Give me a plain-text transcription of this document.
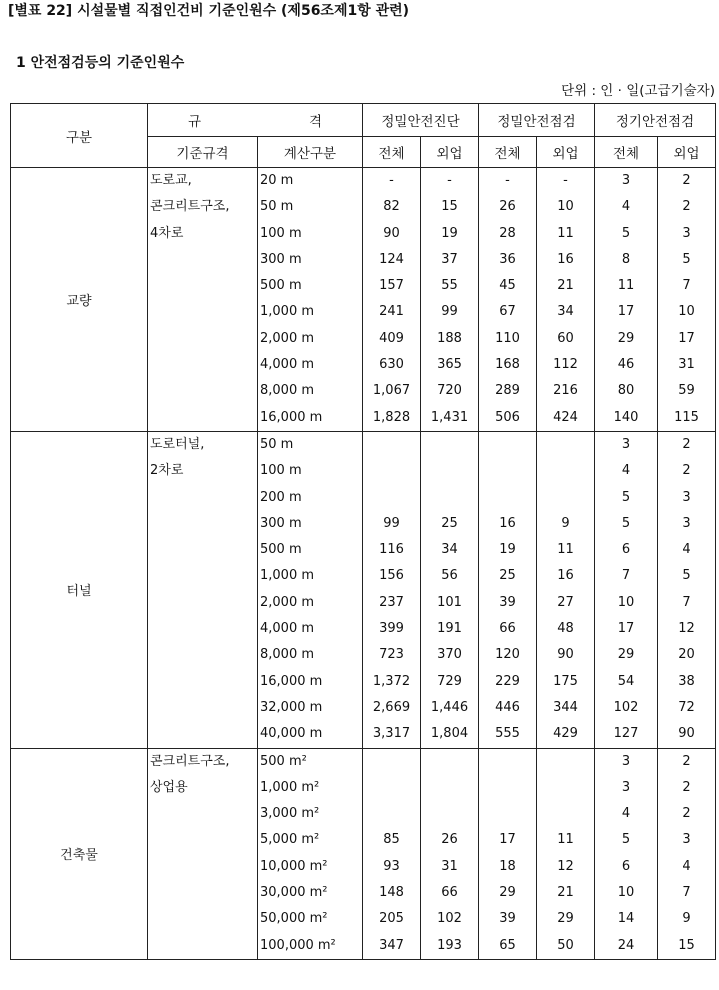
[별표 22] 시설물별 직접인건비 기준인원수 (제56조제1항 관련)
1 안전점검등의 기준인원수
단위 : 인 · 일(고급기술자)
구분	규 격		정밀안전진단		정밀안전점검		정기안전점검	
	기준규격	계산구분	전체	외업	전체	외업	전체	외업
교량	도로교,	20 m	-	-	-	-	3	2

	콘크리트구조,	50 m	82	15	26	10	4	2

	4차로	100 m	90	19	28	11	5	3

		300 m	124	37	36	16	8	5

		500 m	157	55	45	21	11	7

		1,000 m	241	99	67	34	17	10

		2,000 m	409	188	110	60	29	17

		4,000 m	630	365	168	112	46	31

		8,000 m	1,067	720	289	216	80	59

		16,000 m	1,828	1,431	506	424	140	115

터널	도로터널,	50 m					3	2

	2차로	100 m					4	2

		200 m					5	3

		300 m	99	25	16	9	5	3

		500 m	116	34	19	11	6	4

		1,000 m	156	56	25	16	7	5

		2,000 m	237	101	39	27	10	7

		4,000 m	399	191	66	48	17	12

		8,000 m	723	370	120	90	29	20

		16,000 m	1,372	729	229	175	54	38

		32,000 m	2,669	1,446	446	344	102	72

		40,000 m	3,317	1,804	555	429	127	90

건축물	콘크리트구조,	500 m²					3	2

	상업용	1,000 m²					3	2

		3,000 m²					4	2

		5,000 m²	85	26	17	11	5	3

		10,000 m²	93	31	18	12	6	4

		30,000 m²	148	66	29	21	10	7

		50,000 m²	205	102	39	29	14	9

		100,000 m²	347	193	65	50	24	15
